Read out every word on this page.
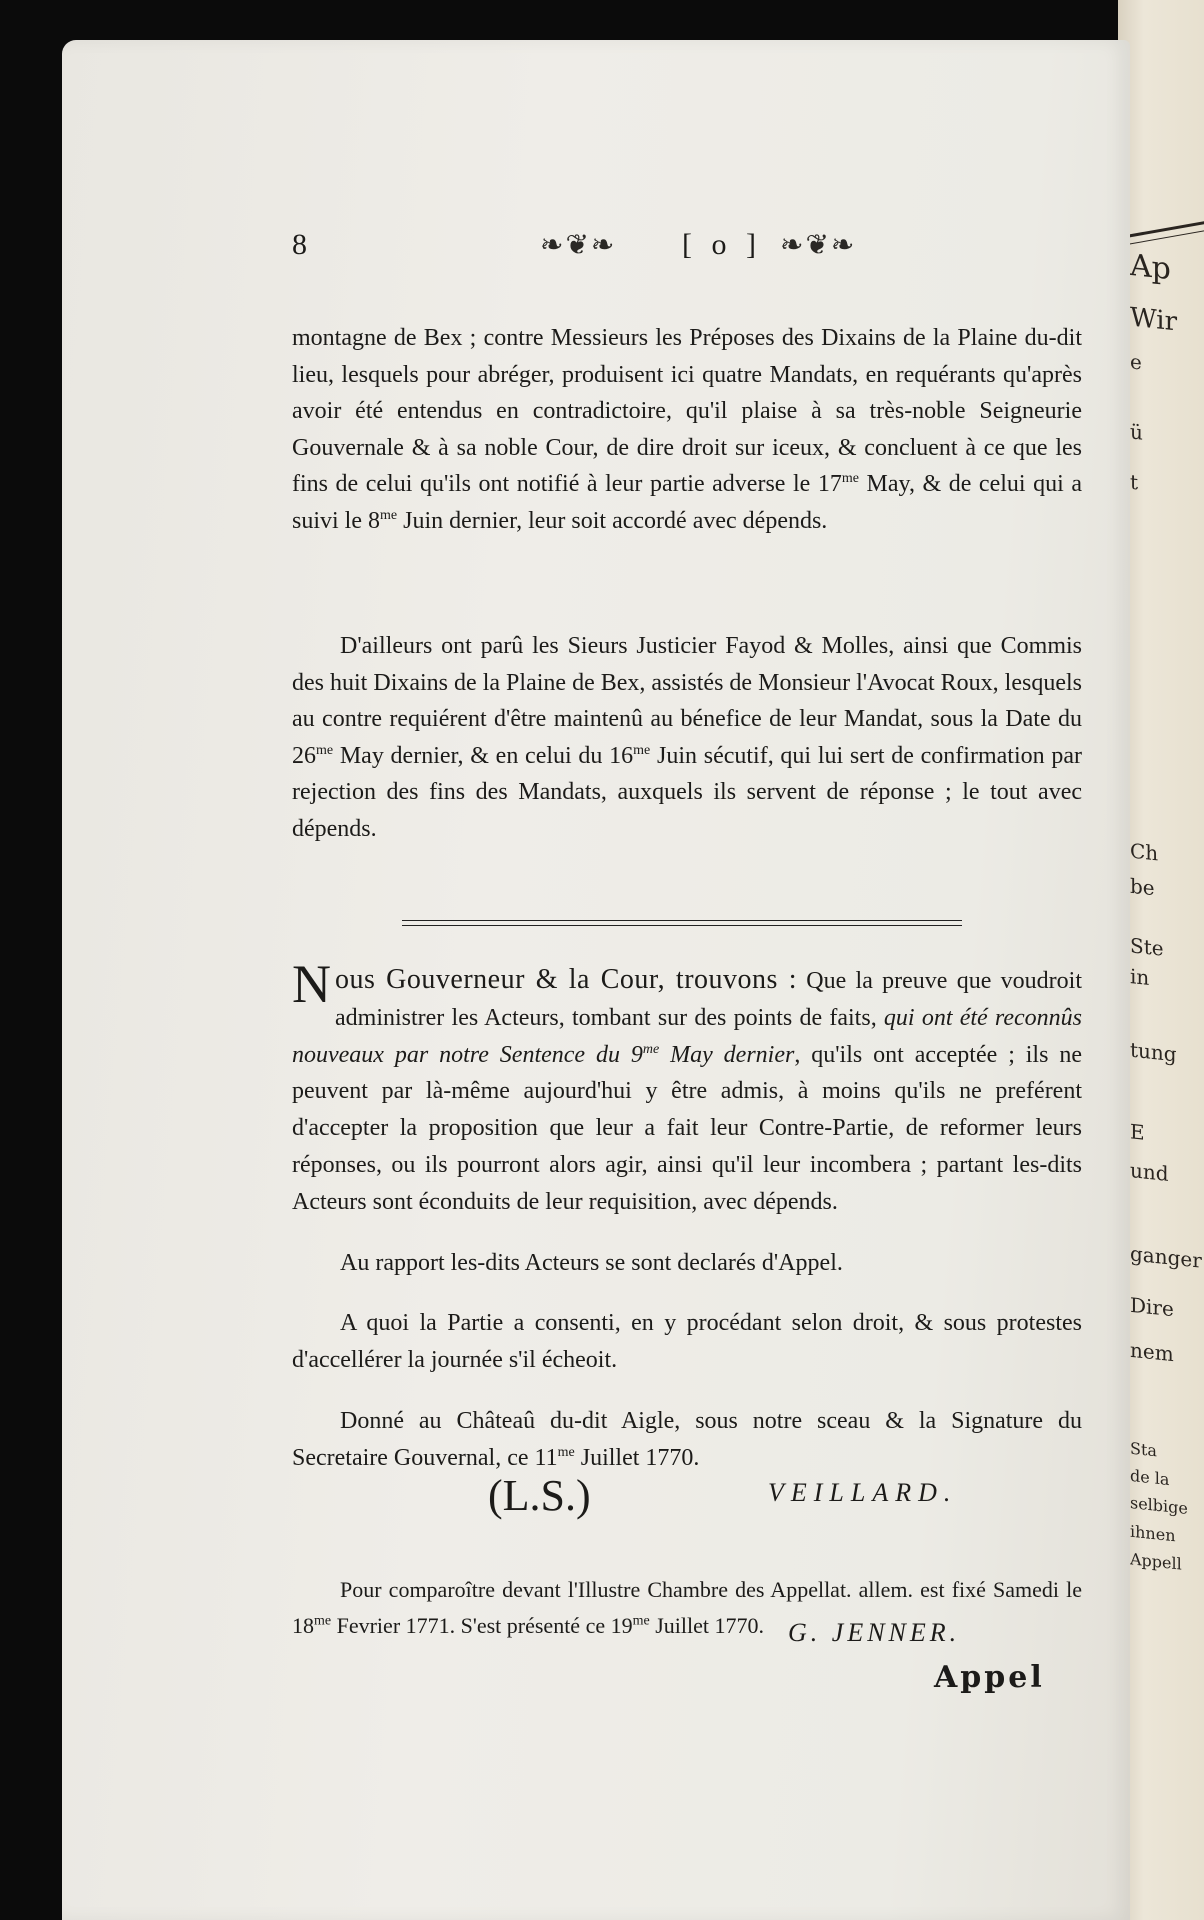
Ap
Wir
e
ü
t
Ch
be
Ste
in
tung
E
und
ganger
Dire
nem
Sta
de la
selbige
ihnen
Appell
8	❧❦❧ [ o ] ❧❦❧

montagne de Bex ; contre Messieurs les Préposes des Dixains de la Plaine du-dit lieu, lesquels pour abréger, produisent ici quatre Mandats, en requérants qu'après avoir été entendus en contradictoire, qu'il plaise à sa très-noble Seigneurie Gouvernale & à sa noble Cour, de dire droit sur iceux, & concluent à ce que les fins de celui qu'ils ont notifié à leur partie adverse le $17^{me}$ May, & de celui qui a suivi le $8^{me}$ Juin dernier, leur soit accordé avec dépends.

D'ailleurs ont parû les Sieurs Justicier Fayod & Molles, ainsi que Commis des huit Dixains de la Plaine de Bex, assistés de Monsieur l'Avocat Roux, lesquels au contre requiérent d'être maintenû au bénefice de leur Mandat, sous la Date du $26^{me}$ May dernier, & en celui du $16^{me}$ Juin sécutif, qui lui sert de confirmation par rejection des fins des Mandats, auxquels ils servent de réponse ; le tout avec dépends.

Nous Gouverneur & la Cour, trouvons : Que la preuve que voudroit administrer les Acteurs, tombant sur des points de faits, qui ont été reconnûs nouveaux par notre Sentence du $9^{me}$ May dernier, qu'ils ont acceptée ; ils ne peuvent par là-même aujourd'hui y être admis, à moins qu'ils ne preférent d'accepter la proposition que leur a fait leur Contre-Partie, de reformer leurs réponses, ou ils pourront alors agir, ainsi qu'il leur incombera ; partant les-dits Acteurs sont éconduits de leur requisition, avec dépends.

Au rapport les-dits Acteurs se sont declarés d'Appel.

A quoi la Partie a consenti, en y procédant selon droit, & sous protestes d'accellérer la journée s'il écheoit.

Donné au Châteaû du-dit Aigle, sous notre sceau & la Signature du Secretaire Gouvernal, ce $11^{me}$ Juillet 1770.

(L.S.)	VEILLARD.

Pour comparoître devant l'Illustre Chambre des Appellat. allem. est fixé Samedi le $18^{me}$ Fevrier 1771. S'est présenté ce $19^{me}$ Juillet 1770. G. JENNER.
Appel
